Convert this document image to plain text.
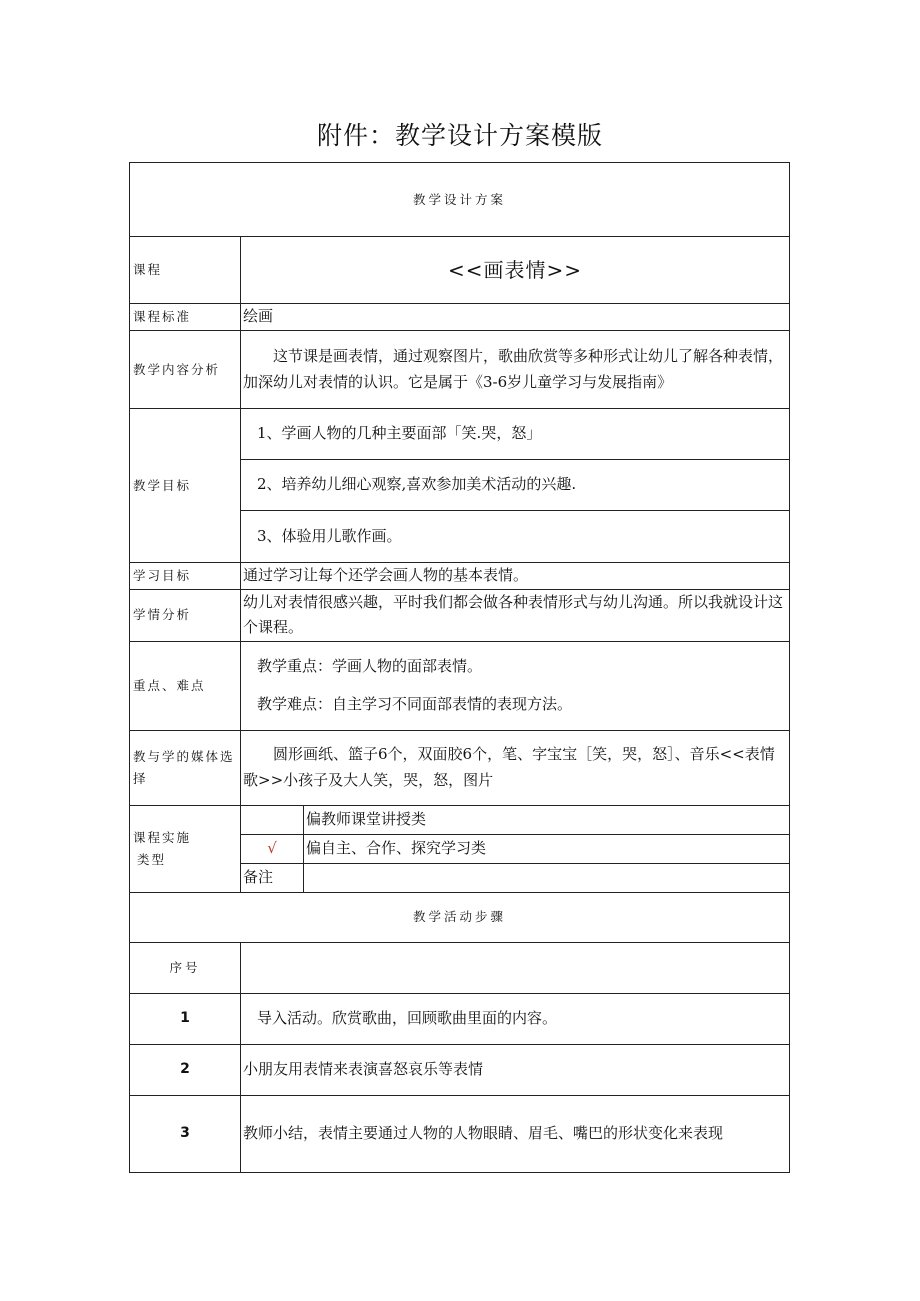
附件：教学设计方案模版
教学设计方案		
课程	<<画表情>>	
课程标准	绘画	
教学内容分析	这节课是画表情，通过观察图片，歌曲欣赏等多种形式让幼儿了解各种表情，加深幼儿对表情的认识。它是属于《3-6岁儿童学习与发展指南》	
教学目标	1、学画人物的几种主要面部「笑.哭，怒」	
	2、培养幼儿细心观察,喜欢参加美术活动的兴趣.	
	3、体验用儿歌作画。	
学习目标	通过学习让每个还学会画人物的基本表情。	
学情分析	幼儿对表情很感兴趣，平时我们都会做各种表情形式与幼儿沟通。所以我就设计这个课程。	
重点、难点	教学重点：学画人物的面部表情。

教学难点：自主学习不同面部表情的表现方法。	

教与学的媒体选择	圆形画纸、篮子6个，双面胶6个，笔、字宝宝［笑，哭，怒］、音乐<<表情歌>>小孩子及大人笑，哭，怒，图片	

课程实施

类型		偏教师课堂讲授类
	√	偏自主、合作、探究学习类
	备注	
教学活动步骤		
序号		
1	导入活动。欣赏歌曲，回顾歌曲里面的内容。	
2	小朋友用表情来表演喜怒哀乐等表情	
3	教师小结，表情主要通过人物的人物眼睛、眉毛、嘴巴的形状变化来表现	
